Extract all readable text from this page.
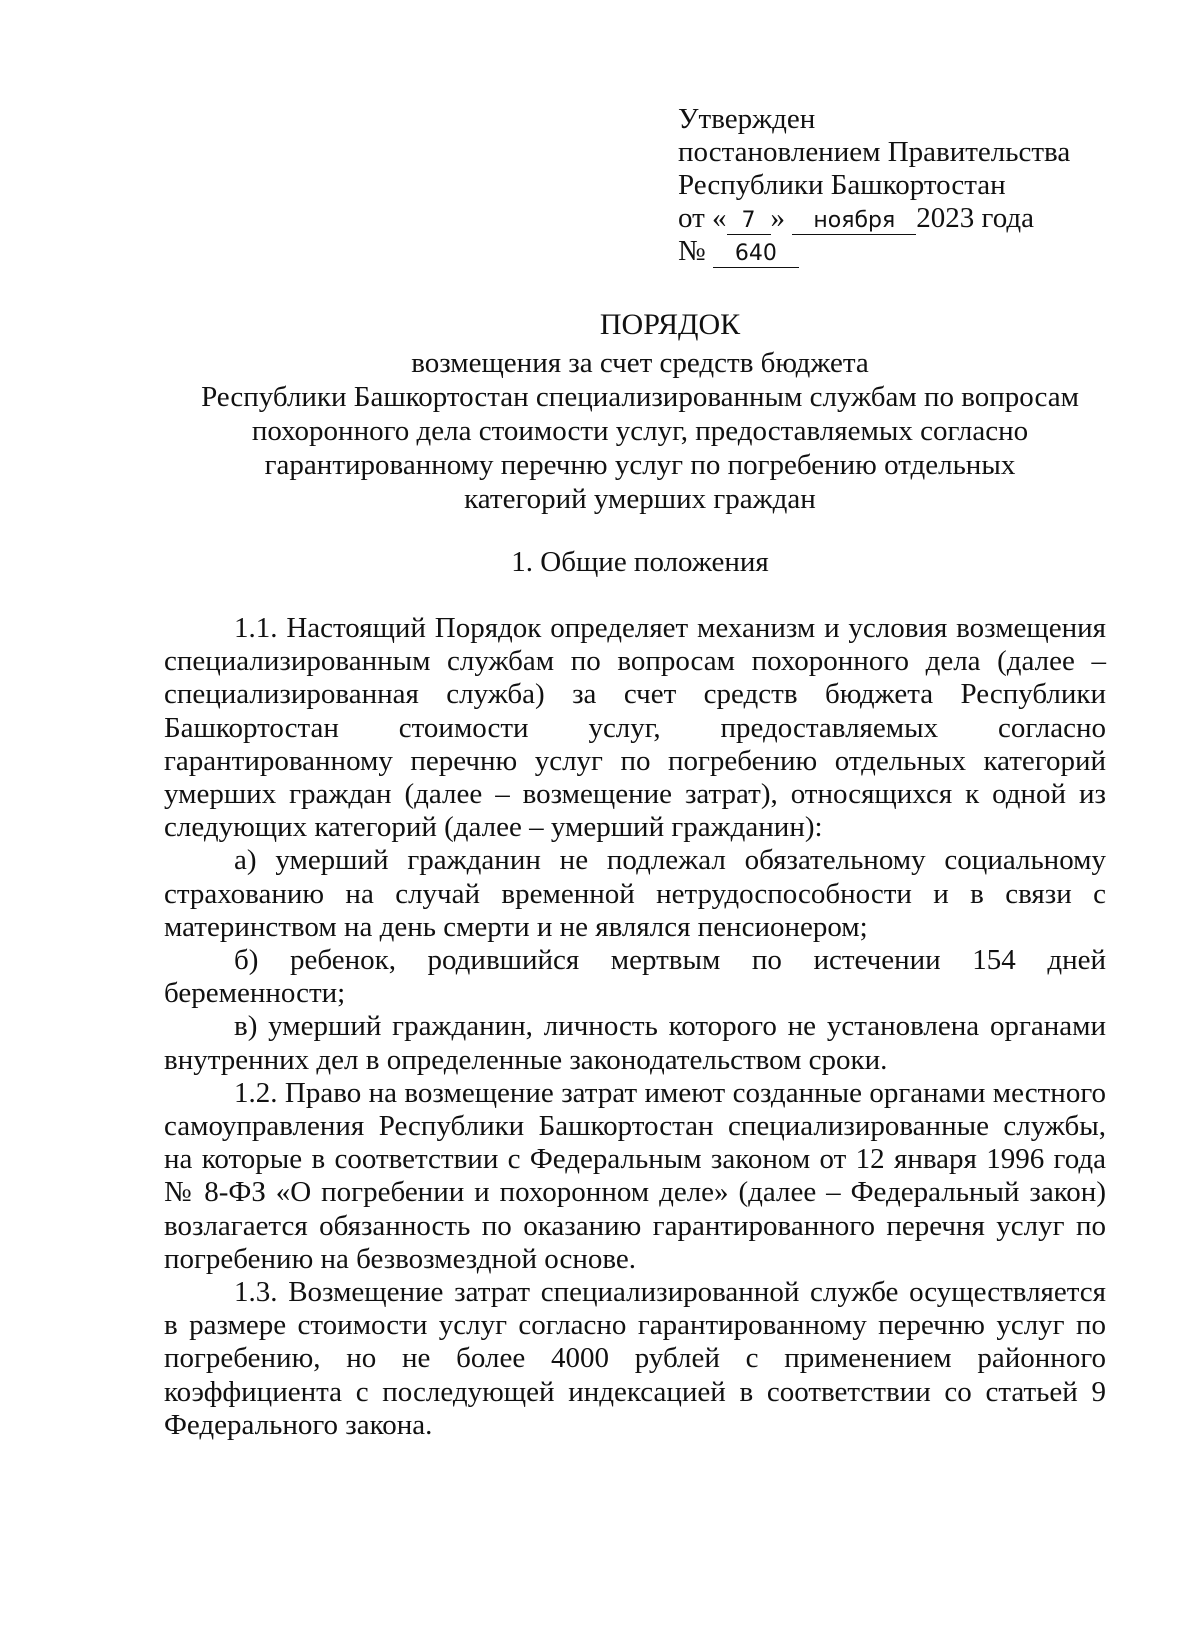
Утвержден
постановлением Правительства
Республики Башкортостан
от « 7 » ноября 2023 года
№ 640
ПОРЯДОК
возмещения за счет средств бюджета
Республики Башкортостан специализированным службам по вопросам
похоронного дела стоимости услуг, предоставляемых согласно
гарантированному перечню услуг по погребению отдельных
категорий умерших граждан
1. Общие положения

1.1. Настоящий Порядок определяет механизм и условия возмещения специализированным службам по вопросам похоронного дела (далее – специализированная служба) за счет средств бюджета Республики Башкортостан стоимости услуг, предоставляемых согласно гарантированному перечню услуг по погребению отдельных категорий умерших граждан (далее – возмещение затрат), относящихся к одной из следующих категорий (далее – умерший гражданин):

а) умерший гражданин не подлежал обязательному социальному страхованию на случай временной нетрудоспособности и в связи с материнством на день смерти и не являлся пенсионером;

б) ребенок, родившийся мертвым по истечении 154 дней беременности;

в) умерший гражданин, личность которого не установлена органами внутренних дел в определенные законодательством сроки.

1.2. Право на возмещение затрат имеют созданные органами местного самоуправления Республики Башкортостан специализированные службы, на которые в соответствии с Федеральным законом от 12 января 1996 года № 8-ФЗ «О погребении и похоронном деле» (далее – Федеральный закон) возлагается обязанность по оказанию гарантированного перечня услуг по погребению на безвозмездной основе.

1.3. Возмещение затрат специализированной службе осуществляется в размере стоимости услуг согласно гарантированному перечню услуг по погребению, но не более 4000 рублей с применением районного коэффициента с последующей индексацией в соответствии со статьей 9 Федерального закона.
